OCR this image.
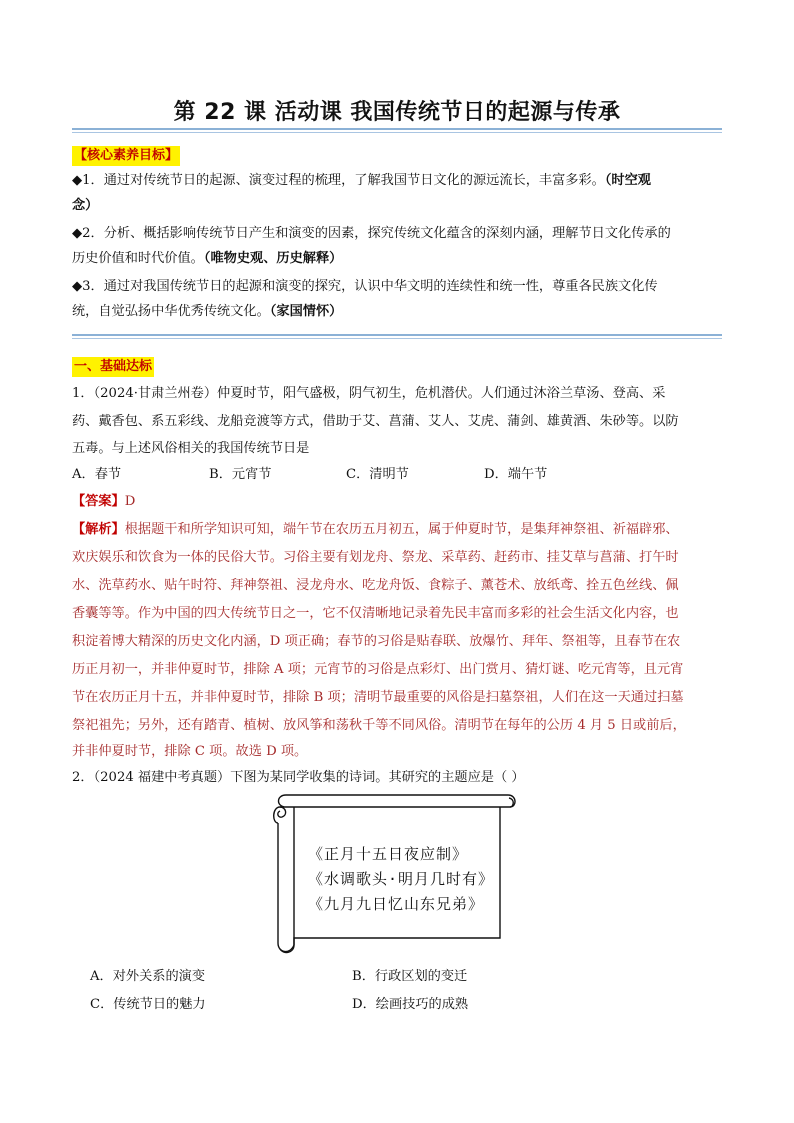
第 22 课 活动课 我国传统节日的起源与传承
【核心素养目标】
◆1．通过对传统节日的起源、演变过程的梳理，了解我国节日文化的源远流长，丰富多彩。（时空观
念）
◆2．分析、概括影响传统节日产生和演变的因素，探究传统文化蕴含的深刻内涵，理解节日文化传承的
历史价值和时代价值。（唯物史观、历史解释）
◆3．通过对我国传统节日的起源和演变的探究，认识中华文明的连续性和统一性，尊重各民族文化传
统，自觉弘扬中华优秀传统文化。（家国情怀）
一、基础达标
1．（2024·甘肃兰州卷）仲夏时节，阳气盛极，阴气初生，危机潜伏。人们通过沐浴兰草汤、登高、采
药、戴香包、系五彩线、龙船竞渡等方式，借助于艾、菖蒲、艾人、艾虎、蒲剑、雄黄酒、朱砂等。以防
五毒。与上述风俗相关的我国传统节日是
A．春节	B．元宵节	C．清明节	D．端午节
【答案】D
【解析】根据题干和所学知识可知，端午节在农历五月初五，属于仲夏时节，是集拜神祭祖、祈福辟邪、
欢庆娱乐和饮食为一体的民俗大节。习俗主要有划龙舟、祭龙、采草药、赶药市、挂艾草与菖蒲、打午时
水、洗草药水、贴午时符、拜神祭祖、浸龙舟水、吃龙舟饭、食粽子、薰苍术、放纸鸢、拴五色丝线、佩
香囊等等。作为中国的四大传统节日之一，它不仅清晰地记录着先民丰富而多彩的社会生活文化内容，也
积淀着博大精深的历史文化内涵，D 项正确；春节的习俗是贴春联、放爆竹、拜年、祭祖等，且春节在农
历正月初一，并非仲夏时节，排除 A 项；元宵节的习俗是点彩灯、出门赏月、猜灯谜、吃元宵等，且元宵
节在农历正月十五，并非仲夏时节，排除 B 项；清明节最重要的风俗是扫墓祭祖，人们在这一天通过扫墓
祭祀祖先；另外，还有踏青、植树、放风筝和荡秋千等不同风俗。清明节在每年的公历 4 月 5 日或前后，
并非仲夏时节，排除 C 项。故选 D 项。
2．（2024 福建中考真题）下图为某同学收集的诗词。其研究的主题应是（ ）
《正月十五日夜应制》
《水调歌头·明月几时有》
《九月九日忆山东兄弟》
A．对外关系的演变	B．行政区划的变迁
C．传统节日的魅力	D．绘画技巧的成熟
